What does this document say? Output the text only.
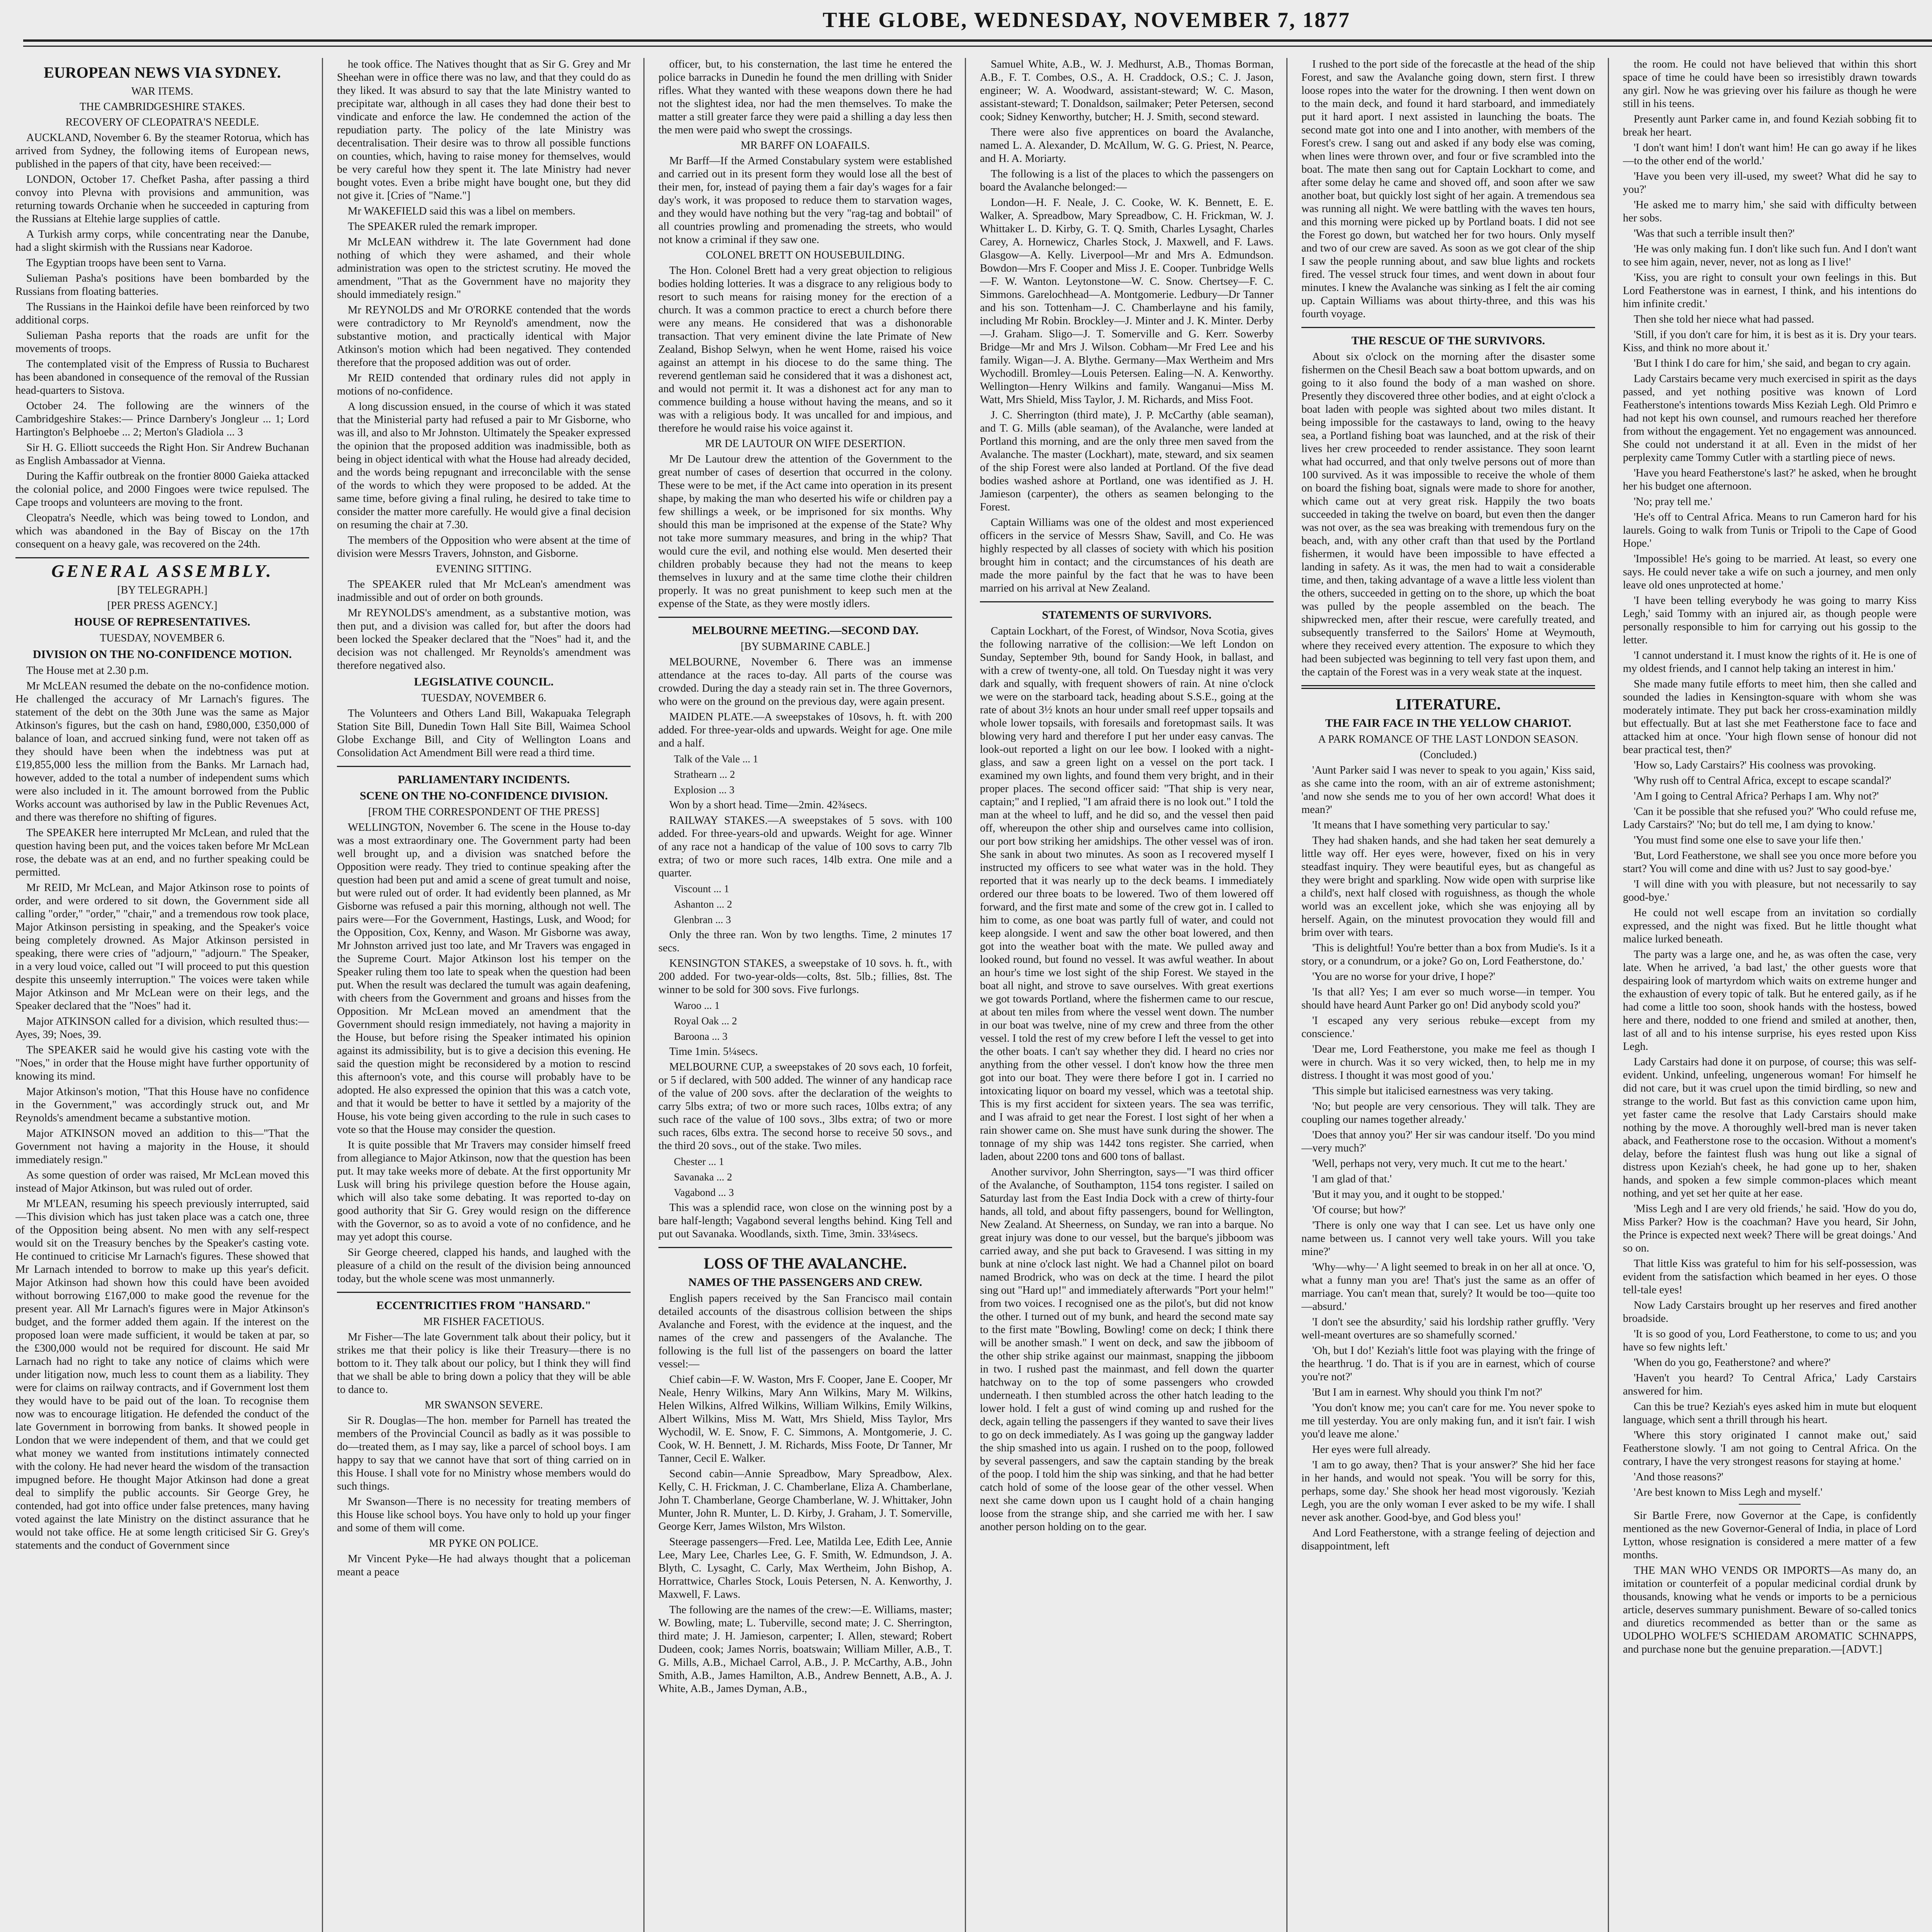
THE GLOBE, WEDNESDAY, NOVEMBER 7, 1877
EUROPEAN NEWS VIA SYDNEY.
WAR ITEMS.
THE CAMBRIDGESHIRE STAKES.
RECOVERY OF CLEOPATRA'S NEEDLE.

AUCKLAND, November 6. By the steamer Rotorua, which has arrived from Sydney, the following items of European news, published in the papers of that city, have been received:—

LONDON, October 17. Chefket Pasha, after passing a third convoy into Plevna with provisions and ammunition, was returning towards Orchanie when he succeeded in capturing from the Russians at Eltehie large supplies of cattle.

A Turkish army corps, while concentrating near the Danube, had a slight skirmish with the Russians near Kadoroe.

The Egyptian troops have been sent to Varna.

Sulieman Pasha's positions have been bombarded by the Russians from floating batteries.

The Russians in the Hainkoi defile have been reinforced by two additional corps.

Sulieman Pasha reports that the roads are unfit for the movements of troops.

The contemplated visit of the Empress of Russia to Bucharest has been abandoned in consequence of the removal of the Russian head-quarters to Sistova.

October 24. The following are the winners of the Cambridgeshire Stakes:— Prince Darnbery's Jongleur ... 1; Lord Hartington's Belphoebe ... 2; Merton's Gladiola ... 3

Sir H. G. Elliott succeeds the Right Hon. Sir Andrew Buchanan as English Ambassador at Vienna.

During the Kaffir outbreak on the frontier 8000 Gaieka attacked the colonial police, and 2000 Fingoes were twice repulsed. The Cape troops and volunteers are moving to the front.

Cleopatra's Needle, which was being towed to London, and which was abandoned in the Bay of Biscay on the 17th consequent on a heavy gale, was recovered on the 24th.

GENERAL ASSEMBLY.
[BY TELEGRAPH.]
[PER PRESS AGENCY.]
HOUSE OF REPRESENTATIVES.
TUESDAY, NOVEMBER 6.
DIVISION ON THE NO-CONFIDENCE MOTION.

The House met at 2.30 p.m.

Mr McLEAN resumed the debate on the no-confidence motion. He challenged the accuracy of Mr Larnach's figures. The statement of the debt on the 30th June was the same as Major Atkinson's figures, but the cash on hand, £980,000, £350,000 of balance of loan, and accrued sinking fund, were not taken off as they should have been when the indebtness was put at £19,855,000 less the million from the Banks. Mr Larnach had, however, added to the total a number of independent sums which were also included in it. The amount borrowed from the Public Works account was authorised by law in the Public Revenues Act, and there was therefore no shifting of figures.

The SPEAKER here interrupted Mr McLean, and ruled that the question having been put, and the voices taken before Mr McLean rose, the debate was at an end, and no further speaking could be permitted.

Mr REID, Mr McLean, and Major Atkinson rose to points of order, and were ordered to sit down, the Government side all calling "order," "order," "chair," and a tremendous row took place, Major Atkinson persisting in speaking, and the Speaker's voice being completely drowned. As Major Atkinson persisted in speaking, there were cries of "adjourn," "adjourn." The Speaker, in a very loud voice, called out "I will proceed to put this question despite this unseemly interruption." The voices were taken while Major Atkinson and Mr McLean were on their legs, and the Speaker declared that the "Noes" had it.

Major ATKINSON called for a division, which resulted thus:—Ayes, 39; Noes, 39.

The SPEAKER said he would give his casting vote with the "Noes," in order that the House might have further opportunity of knowing its mind.

Major Atkinson's motion, "That this House have no confidence in the Government," was accordingly struck out, and Mr Reynolds's amendment became a substantive motion.

Major ATKINSON moved an addition to this—"That the Government not having a majority in the House, it should immediately resign."

As some question of order was raised, Mr McLean moved this instead of Major Atkinson, but was ruled out of order.

Mr M'LEAN, resuming his speech previously interrupted, said—This division which has just taken place was a catch one, three of the Opposition being absent. No men with any self-respect would sit on the Treasury benches by the Speaker's casting vote. He continued to criticise Mr Larnach's figures. These showed that Mr Larnach intended to borrow to make up this year's deficit. Major Atkinson had shown how this could have been avoided without borrowing £167,000 to make good the revenue for the present year. All Mr Larnach's figures were in Major Atkinson's budget, and the former added them again. If the interest on the proposed loan were made sufficient, it would be taken at par, so the £300,000 would not be required for discount. He said Mr Larnach had no right to take any notice of claims which were under litigation now, much less to count them as a liability. They were for claims on railway contracts, and if Government lost them they would have to be paid out of the loan. To recognise them now was to encourage litigation. He defended the conduct of the late Government in borrowing from banks. It showed people in London that we were independent of them, and that we could get what money we wanted from institutions intimately connected with the colony. He had never heard the wisdom of the transaction impugned before. He thought Major Atkinson had done a great deal to simplify the public accounts. Sir George Grey, he contended, had got into office under false pretences, many having voted against the late Ministry on the distinct assurance that he would not take office. He at some length criticised Sir G. Grey's statements and the conduct of Government since

he took office. The Natives thought that as Sir G. Grey and Mr Sheehan were in office there was no law, and that they could do as they liked. It was absurd to say that the late Ministry wanted to precipitate war, although in all cases they had done their best to vindicate and enforce the law. He condemned the action of the repudiation party. The policy of the late Ministry was decentralisation. Their desire was to throw all possible functions on counties, which, having to raise money for themselves, would be very careful how they spent it. The late Ministry had never bought votes. Even a bribe might have bought one, but they did not give it. [Cries of "Name."]

Mr WAKEFIELD said this was a libel on members.

The SPEAKER ruled the remark improper.

Mr McLEAN withdrew it. The late Government had done nothing of which they were ashamed, and their whole administration was open to the strictest scrutiny. He moved the amendment, "That as the Government have no majority they should immediately resign."

Mr REYNOLDS and Mr O'RORKE contended that the words were contradictory to Mr Reynold's amendment, now the substantive motion, and practically identical with Major Atkinson's motion which had been negatived. They contended therefore that the proposed addition was out of order.

Mr REID contended that ordinary rules did not apply in motions of no-confidence.

A long discussion ensued, in the course of which it was stated that the Ministerial party had refused a pair to Mr Gisborne, who was ill, and also to Mr Johnston. Ultimately the Speaker expressed the opinion that the proposed addition was inadmissible, both as being in object identical with what the House had already decided, and the words being repugnant and irreconcilable with the sense of the words to which they were proposed to be added. At the same time, before giving a final ruling, he desired to take time to consider the matter more carefully. He would give a final decision on resuming the chair at 7.30.

The members of the Opposition who were absent at the time of division were Messrs Travers, Johnston, and Gisborne.

EVENING SITTING.

The SPEAKER ruled that Mr McLean's amendment was inadmissible and out of order on both grounds.

Mr REYNOLDS's amendment, as a substantive motion, was then put, and a division was called for, but after the doors had been locked the Speaker declared that the "Noes" had it, and the decision was not challenged. Mr Reynolds's amendment was therefore negatived also.

LEGISLATIVE COUNCIL.
TUESDAY, NOVEMBER 6.

The Volunteers and Others Land Bill, Wakapuaka Telegraph Station Site Bill, Dunedin Town Hall Site Bill, Waimea School Globe Exchange Bill, and City of Wellington Loans and Consolidation Act Amendment Bill were read a third time.

PARLIAMENTARY INCIDENTS.
SCENE ON THE NO-CONFIDENCE DIVISION.
[FROM THE CORRESPONDENT OF THE PRESS]

WELLINGTON, November 6. The scene in the House to-day was a most extraordinary one. The Government party had been well brought up, and a division was snatched before the Opposition were ready. They tried to continue speaking after the question had been put and amid a scene of great tumult and noise, but were ruled out of order. It had evidently been planned, as Mr Gisborne was refused a pair this morning, although not well. The pairs were—For the Government, Hastings, Lusk, and Wood; for the Opposition, Cox, Kenny, and Wason. Mr Gisborne was away, Mr Johnston arrived just too late, and Mr Travers was engaged in the Supreme Court. Major Atkinson lost his temper on the Speaker ruling them too late to speak when the question had been put. When the result was declared the tumult was again deafening, with cheers from the Government and groans and hisses from the Opposition. Mr McLean moved an amendment that the Government should resign immediately, not having a majority in the House, but before rising the Speaker intimated his opinion against its admissibility, but is to give a decision this evening. He said the question might be reconsidered by a motion to rescind this afternoon's vote, and this course will probably have to be adopted. He also expressed the opinion that this was a catch vote, and that it would be better to have it settled by a majority of the House, his vote being given according to the rule in such cases to vote so that the House may consider the question.

It is quite possible that Mr Travers may consider himself freed from allegiance to Major Atkinson, now that the question has been put. It may take weeks more of debate. At the first opportunity Mr Lusk will bring his privilege question before the House again, which will also take some debating. It was reported to-day on good authority that Sir G. Grey would resign on the difference with the Governor, so as to avoid a vote of no confidence, and he may yet adopt this course.

Sir George cheered, clapped his hands, and laughed with the pleasure of a child on the result of the division being announced today, but the whole scene was most unmannerly.

ECCENTRICITIES FROM "HANSARD."
MR FISHER FACETIOUS.

Mr Fisher—The late Government talk about their policy, but it strikes me that their policy is like their Treasury—there is no bottom to it. They talk about our policy, but I think they will find that we shall be able to bring down a policy that they will be able to dance to.

MR SWANSON SEVERE.

Sir R. Douglas—The hon. member for Parnell has treated the members of the Provincial Council as badly as it was possible to do—treated them, as I may say, like a parcel of school boys. I am happy to say that we cannot have that sort of thing carried on in this House. I shall vote for no Ministry whose members would do such things.

Mr Swanson—There is no necessity for treating members of this House like school boys. You have only to hold up your finger and some of them will come.

MR PYKE ON POLICE.

Mr Vincent Pyke—He had always thought that a policeman meant a peace

officer, but, to his consternation, the last time he entered the police barracks in Dunedin he found the men drilling with Snider rifles. What they wanted with these weapons down there he had not the slightest idea, nor had the men themselves. To make the matter a still greater farce they were paid a shilling a day less then the men were paid who swept the crossings.

MR BARFF ON LOAFAILS.

Mr Barff—If the Armed Constabulary system were established and carried out in its present form they would lose all the best of their men, for, instead of paying them a fair day's wages for a fair day's work, it was proposed to reduce them to starvation wages, and they would have nothing but the very "rag-tag and bobtail" of all countries prowling and promenading the streets, who would not know a criminal if they saw one.

COLONEL BRETT ON HOUSEBUILDING.

The Hon. Colonel Brett had a very great objection to religious bodies holding lotteries. It was a disgrace to any religious body to resort to such means for raising money for the erection of a church. It was a common practice to erect a church before there were any means. He considered that was a dishonorable transaction. That very eminent divine the late Primate of New Zealand, Bishop Selwyn, when he went Home, raised his voice against an attempt in his diocese to do the same thing. The reverend gentleman said he considered that it was a dishonest act, and would not permit it. It was a dishonest act for any man to commence building a house without having the means, and so it was with a religious body. It was uncalled for and impious, and therefore he would raise his voice against it.

MR DE LAUTOUR ON WIFE DESERTION.

Mr De Lautour drew the attention of the Government to the great number of cases of desertion that occurred in the colony. These were to be met, if the Act came into operation in its present shape, by making the man who deserted his wife or children pay a few shillings a week, or be imprisoned for six months. Why should this man be imprisoned at the expense of the State? Why not take more summary measures, and bring in the whip? That would cure the evil, and nothing else would. Men deserted their children probably because they had not the means to keep themselves in luxury and at the same time clothe their children properly. It was no great punishment to keep such men at the expense of the State, as they were mostly idlers.

MELBOURNE MEETING.—SECOND DAY.
[BY SUBMARINE CABLE.]

MELBOURNE, November 6. There was an immense attendance at the races to-day. All parts of the course was crowded. During the day a steady rain set in. The three Governors, who were on the ground on the previous day, were again present.

MAIDEN PLATE.—A sweepstakes of 10sovs, h. ft. with 200 added. For three-year-olds and upwards. Weight for age. One mile and a half.

Talk of the Vale ... 1

Strathearn ... 2

Explosion ... 3

Won by a short head. Time—2min. 42¾secs.

RAILWAY STAKES.—A sweepstakes of 5 sovs. with 100 added. For three-years-old and upwards. Weight for age. Winner of any race not a handicap of the value of 100 sovs to carry 7lb extra; of two or more such races, 14lb extra. One mile and a quarter.

Viscount ... 1

Ashanton ... 2

Glenbran ... 3

Only the three ran. Won by two lengths. Time, 2 minutes 17 secs.

KENSINGTON STAKES, a sweepstake of 10 sovs. h. ft., with 200 added. For two-year-olds—colts, 8st. 5lb.; fillies, 8st. The winner to be sold for 300 sovs. Five furlongs.

Waroo ... 1

Royal Oak ... 2

Baroona ... 3

Time 1min. 5¼secs.

MELBOURNE CUP, a sweepstakes of 20 sovs each, 10 forfeit, or 5 if declared, with 500 added. The winner of any handicap race of the value of 200 sovs. after the declaration of the weights to carry 5lbs extra; of two or more such races, 10lbs extra; of any such race of the value of 100 sovs., 3lbs extra; of two or more such races, 6lbs extra. The second horse to receive 50 sovs., and the third 20 sovs., out of the stake. Two miles.

Chester ... 1

Savanaka ... 2

Vagabond ... 3

This was a splendid race, won close on the winning post by a bare half-length; Vagabond several lengths behind. King Tell and put out Savanaka. Woodlands, sixth. Time, 3min. 33¼secs.

LOSS OF THE AVALANCHE.
NAMES OF THE PASSENGERS AND CREW.

English papers received by the San Francisco mail contain detailed accounts of the disastrous collision between the ships Avalanche and Forest, with the evidence at the inquest, and the names of the crew and passengers of the Avalanche. The following is the full list of the passengers on board the latter vessel:—

Chief cabin—F. W. Waston, Mrs F. Cooper, Jane E. Cooper, Mr Neale, Henry Wilkins, Mary Ann Wilkins, Mary M. Wilkins, Helen Wilkins, Alfred Wilkins, William Wilkins, Emily Wilkins, Albert Wilkins, Miss M. Watt, Mrs Shield, Miss Taylor, Mrs Wychodil, W. E. Snow, F. C. Simmons, A. Montgomerie, J. C. Cook, W. H. Bennett, J. M. Richards, Miss Foote, Dr Tanner, Mr Tanner, Cecil E. Walker.

Second cabin—Annie Spreadbow, Mary Spreadbow, Alex. Kelly, C. H. Frickman, J. C. Chamberlane, Eliza A. Chamberlane, John T. Chamberlane, George Chamberlane, W. J. Whittaker, John Munter, John R. Munter, L. D. Kirby, J. Graham, J. T. Somerville, George Kerr, James Wilston, Mrs Wilston.

Steerage passengers—Fred. Lee, Matilda Lee, Edith Lee, Annie Lee, Mary Lee, Charles Lee, G. F. Smith, W. Edmundson, J. A. Blyth, C. Lysaght, C. Carly, Max Wertheim, John Bishop, A. Horrattwice, Charles Stock, Louis Petersen, N. A. Kenworthy, J. Maxwell, F. Laws.

The following are the names of the crew:—E. Williams, master; W. Bowling, mate; L. Tuberville, second mate; J. C. Sherrington, third mate; J. H. Jamieson, carpenter; I. Allen, steward; Robert Dudeen, cook; James Norris, boatswain; William Miller, A.B., T. G. Mills, A.B., Michael Carrol, A.B., J. P. McCarthy, A.B., John Smith, A.B., James Hamilton, A.B., Andrew Bennett, A.B., A. J. White, A.B., James Dyman, A.B.,

Samuel White, A.B., W. J. Medhurst, A.B., Thomas Borman, A.B., F. T. Combes, O.S., A. H. Craddock, O.S.; C. J. Jason, engineer; W. A. Woodward, assistant-steward; W. C. Mason, assistant-steward; T. Donaldson, sailmaker; Peter Petersen, second cook; Sidney Kenworthy, butcher; H. J. Smith, second steward.

There were also five apprentices on board the Avalanche, named L. A. Alexander, D. McAllum, W. G. G. Priest, N. Pearce, and H. A. Moriarty.

The following is a list of the places to which the passengers on board the Avalanche belonged:—

London—H. F. Neale, J. C. Cooke, W. K. Bennett, E. E. Walker, A. Spreadbow, Mary Spreadbow, C. H. Frickman, W. J. Whittaker L. D. Kirby, G. T. Q. Smith, Charles Lysaght, Charles Carey, A. Hornewicz, Charles Stock, J. Maxwell, and F. Laws. Glasgow—A. Kelly. Liverpool—Mr and Mrs A. Edmundson. Bowdon—Mrs F. Cooper and Miss J. E. Cooper. Tunbridge Wells—F. W. Wanton. Leytonstone—W. C. Snow. Chertsey—F. C. Simmons. Garelochhead—A. Montgomerie. Ledbury—Dr Tanner and his son. Tottenham—J. C. Chamberlayne and his family, including Mr Robin. Brockley—J. Minter and J. K. Minter. Derby—J. Graham. Sligo—J. T. Somerville and G. Kerr. Sowerby Bridge—Mr and Mrs J. Wilson. Cobham—Mr Fred Lee and his family. Wigan—J. A. Blythe. Germany—Max Wertheim and Mrs Wychodill. Bromley—Louis Petersen. Ealing—N. A. Kenworthy. Wellington—Henry Wilkins and family. Wanganui—Miss M. Watt, Mrs Shield, Miss Taylor, J. M. Richards, and Miss Foot.

J. C. Sherrington (third mate), J. P. McCarthy (able seaman), and T. G. Mills (able seaman), of the Avalanche, were landed at Portland this morning, and are the only three men saved from the Avalanche. The master (Lockhart), mate, steward, and six seamen of the ship Forest were also landed at Portland. Of the five dead bodies washed ashore at Portland, one was identified as J. H. Jamieson (carpenter), the others as seamen belonging to the Forest.

Captain Williams was one of the oldest and most experienced officers in the service of Messrs Shaw, Savill, and Co. He was highly respected by all classes of society with which his position brought him in contact; and the circumstances of his death are made the more painful by the fact that he was to have been married on his arrival at New Zealand.

STATEMENTS OF SURVIVORS.

Captain Lockhart, of the Forest, of Windsor, Nova Scotia, gives the following narrative of the collision:—We left London on Sunday, September 9th, bound for Sandy Hook, in ballast, and with a crew of twenty-one, all told. On Tuesday night it was very dark and squally, with frequent showers of rain. At nine o'clock we were on the starboard tack, heading about S.S.E., going at the rate of about 3½ knots an hour under small reef upper topsails and whole lower topsails, with foresails and foretopmast sails. It was blowing very hard and therefore I put her under easy canvas. The look-out reported a light on our lee bow. I looked with a night-glass, and saw a green light on a vessel on the port tack. I examined my own lights, and found them very bright, and in their proper places. The second officer said: "That ship is very near, captain;" and I replied, "I am afraid there is no look out." I told the man at the wheel to luff, and he did so, and the vessel then paid off, whereupon the other ship and ourselves came into collision, our port bow striking her amidships. The other vessel was of iron. She sank in about two minutes. As soon as I recovered myself I instructed my officers to see what water was in the hold. They reported that it was nearly up to the deck beams. I immediately ordered our three boats to be lowered. Two of them lowered off forward, and the first mate and some of the crew got in. I called to him to come, as one boat was partly full of water, and could not keep alongside. I went and saw the other boat lowered, and then got into the weather boat with the mate. We pulled away and looked round, but found no vessel. It was awful weather. In about an hour's time we lost sight of the ship Forest. We stayed in the boat all night, and strove to save ourselves. With great exertions we got towards Portland, where the fishermen came to our rescue, at about ten miles from where the vessel went down. The number in our boat was twelve, nine of my crew and three from the other vessel. I told the rest of my crew before I left the vessel to get into the other boats. I can't say whether they did. I heard no cries nor anything from the other vessel. I don't know how the three men got into our boat. They were there before I got in. I carried no intoxicating liquor on board my vessel, which was a teetotal ship. This is my first accident for sixteen years. The sea was terrific, and I was afraid to get near the Forest. I lost sight of her when a rain shower came on. She must have sunk during the shower. The tonnage of my ship was 1442 tons register. She carried, when laden, about 2200 tons and 600 tons of ballast.

Another survivor, John Sherrington, says—"I was third officer of the Avalanche, of Southampton, 1154 tons register. I sailed on Saturday last from the East India Dock with a crew of thirty-four hands, all told, and about fifty passengers, bound for Wellington, New Zealand. At Sheerness, on Sunday, we ran into a barque. No great injury was done to our vessel, but the barque's jibboom was carried away, and she put back to Gravesend. I was sitting in my bunk at nine o'clock last night. We had a Channel pilot on board named Brodrick, who was on deck at the time. I heard the pilot sing out "Hard up!" and immediately afterwards "Port your helm!" from two voices. I recognised one as the pilot's, but did not know the other. I turned out of my bunk, and heard the second mate say to the first mate "Bowling, Bowling! come on deck; I think there will be another smash." I went on deck, and saw the jibboom of the other ship strike against our mainmast, snapping the jibboom in two. I rushed past the mainmast, and fell down the quarter hatchway on to the top of some passengers who crowded underneath. I then stumbled across the other hatch leading to the lower hold. I felt a gust of wind coming up and rushed for the deck, again telling the passengers if they wanted to save their lives to go on deck immediately. As I was going up the gangway ladder the ship smashed into us again. I rushed on to the poop, followed by several passengers, and saw the captain standing by the break of the poop. I told him the ship was sinking, and that he had better catch hold of some of the loose gear of the other vessel. When next she came down upon us I caught hold of a chain hanging loose from the strange ship, and she carried me with her. I saw another person holding on to the gear.

I rushed to the port side of the forecastle at the head of the ship Forest, and saw the Avalanche going down, stern first. I threw loose ropes into the water for the drowning. I then went down on to the main deck, and found it hard starboard, and immediately put it hard aport. I next assisted in launching the boats. The second mate got into one and I into another, with members of the Forest's crew. I sang out and asked if any body else was coming, when lines were thrown over, and four or five scrambled into the boat. The mate then sang out for Captain Lockhart to come, and after some delay he came and shoved off, and soon after we saw another boat, but quickly lost sight of her again. A tremendous sea was running all night. We were battling with the waves ten hours, and this morning were picked up by Portland boats. I did not see the Forest go down, but watched her for two hours. Only myself and two of our crew are saved. As soon as we got clear of the ship I saw the people running about, and saw blue lights and rockets fired. The vessel struck four times, and went down in about four minutes. I knew the Avalanche was sinking as I felt the air coming up. Captain Williams was about thirty-three, and this was his fourth voyage.

THE RESCUE OF THE SURVIVORS.

About six o'clock on the morning after the disaster some fishermen on the Chesil Beach saw a boat bottom upwards, and on going to it also found the body of a man washed on shore. Presently they discovered three other bodies, and at eight o'clock a boat laden with people was sighted about two miles distant. It being impossible for the castaways to land, owing to the heavy sea, a Portland fishing boat was launched, and at the risk of their lives her crew proceeded to render assistance. They soon learnt what had occurred, and that only twelve persons out of more than 100 survived. As it was impossible to receive the whole of them on board the fishing boat, signals were made to shore for another, which came out at very great risk. Happily the two boats succeeded in taking the twelve on board, but even then the danger was not over, as the sea was breaking with tremendous fury on the beach, and, with any other craft than that used by the Portland fishermen, it would have been impossible to have effected a landing in safety. As it was, the men had to wait a considerable time, and then, taking advantage of a wave a little less violent than the others, succeeded in getting on to the shore, up which the boat was pulled by the people assembled on the beach. The shipwrecked men, after their rescue, were carefully treated, and subsequently transferred to the Sailors' Home at Weymouth, where they received every attention. The exposure to which they had been subjected was beginning to tell very fast upon them, and the captain of the Forest was in a very weak state at the inquest.

LITERATURE.
THE FAIR FACE IN THE YELLOW CHARIOT.
A PARK ROMANCE OF THE LAST LONDON SEASON.
(Concluded.)

'Aunt Parker said I was never to speak to you again,' Kiss said, as she came into the room, with an air of extreme astonishment; 'and now she sends me to you of her own accord! What does it mean?'

'It means that I have something very particular to say.'

They had shaken hands, and she had taken her seat demurely a little way off. Her eyes were, however, fixed on his in very steadfast inquiry. They were beautiful eyes, but as changeful as they were bright and sparkling. Now wide open with surprise like a child's, next half closed with roguishness, as though the whole world was an excellent joke, which she was enjoying all by herself. Again, on the minutest provocation they would fill and brim over with tears.

'This is delightful! You're better than a box from Mudie's. Is it a story, or a conundrum, or a joke? Go on, Lord Featherstone, do.'

'You are no worse for your drive, I hope?'

'Is that all? Yes; I am ever so much worse—in temper. You should have heard Aunt Parker go on! Did anybody scold you?'

'I escaped any very serious rebuke—except from my conscience.'

'Dear me, Lord Featherstone, you make me feel as though I were in church. Was it so very wicked, then, to help me in my distress. I thought it was most good of you.'

'This simple but italicised earnestness was very taking.

'No; but people are very censorious. They will talk. They are coupling our names together already.'

'Does that annoy you?' Her sir was candour itself. 'Do you mind—very much?'

'Well, perhaps not very, very much. It cut me to the heart.'

'I am glad of that.'

'But it may you, and it ought to be stopped.'

'Of course; but how?'

'There is only one way that I can see. Let us have only one name between us. I cannot very well take yours. Will you take mine?'

'Why—why—' A light seemed to break in on her all at once. 'O, what a funny man you are! That's just the same as an offer of marriage. You can't mean that, surely? It would be too—quite too—absurd.'

'I don't see the absurdity,' said his lordship rather gruffly. 'Very well-meant overtures are so shamefully scorned.'

'Oh, but I do!' Keziah's little foot was playing with the fringe of the hearthrug. 'I do. That is if you are in earnest, which of course you're not?'

'But I am in earnest. Why should you think I'm not?'

'You don't know me; you can't care for me. You never spoke to me till yesterday. You are only making fun, and it isn't fair. I wish you'd leave me alone.'

Her eyes were full already.

'I am to go away, then? That is your answer?' She hid her face in her hands, and would not speak. 'You will be sorry for this, perhaps, some day.' She shook her head most vigorously. 'Keziah Legh, you are the only woman I ever asked to be my wife. I shall never ask another. Good-bye, and God bless you!'

And Lord Featherstone, with a strange feeling of dejection and disappointment, left

the room. He could not have believed that within this short space of time he could have been so irresistibly drawn towards any girl. Now he was grieving over his failure as though he were still in his teens.

Presently aunt Parker came in, and found Keziah sobbing fit to break her heart.

'I don't want him! I don't want him! He can go away if he likes—to the other end of the world.'

'Have you been very ill-used, my sweet? What did he say to you?'

'He asked me to marry him,' she said with difficulty between her sobs.

'Was that such a terrible insult then?'

'He was only making fun. I don't like such fun. And I don't want to see him again, never, never, not as long as I live!'

'Kiss, you are right to consult your own feelings in this. But Lord Featherstone was in earnest, I think, and his intentions do him infinite credit.'

Then she told her niece what had passed.

'Still, if you don't care for him, it is best as it is. Dry your tears. Kiss, and think no more about it.'

'But I think I do care for him,' she said, and began to cry again.

Lady Carstairs became very much exercised in spirit as the days passed, and yet nothing positive was known of Lord Featherstone's intentions towards Miss Keziah Legh. Old Primro e had not kept his own counsel, and rumours reached her therefore from without the engagement. Yet no engagement was announced. She could not understand it at all. Even in the midst of her perplexity came Tommy Cutler with a startling piece of news.

'Have you heard Featherstone's last?' he asked, when he brought her his budget one afternoon.

'No; pray tell me.'

'He's off to Central Africa. Means to run Cameron hard for his laurels. Going to walk from Tunis or Tripoli to the Cape of Good Hope.'

'Impossible! He's going to be married. At least, so every one says. He could never take a wife on such a journey, and men only leave old ones unprotected at home.'

'I have been telling everybody he was going to marry Kiss Legh,' said Tommy with an injured air, as though people were personally responsible to him for carrying out his gossip to the letter.

'I cannot understand it. I must know the rights of it. He is one of my oldest friends, and I cannot help taking an interest in him.'

She made many futile efforts to meet him, then she called and sounded the ladies in Kensington-square with whom she was moderately intimate. They put back her cross-examination mildly but effectually. But at last she met Featherstone face to face and attacked him at once. 'Your high flown sense of honour did not bear practical test, then?'

'How so, Lady Carstairs?' His coolness was provoking.

'Why rush off to Central Africa, except to escape scandal?'

'Am I going to Central Africa? Perhaps I am. Why not?'

'Can it be possible that she refused you?' 'Who could refuse me, Lady Carstairs?' 'No; but do tell me, I am dying to know.'

'You must find some one else to save your life then.'

'But, Lord Featherstone, we shall see you once more before you start? You will come and dine with us? Just to say good-bye.'

'I will dine with you with pleasure, but not necessarily to say good-bye.'

He could not well escape from an invitation so cordially expressed, and the night was fixed. But he little thought what malice lurked beneath.

The party was a large one, and he, as was often the case, very late. When he arrived, 'a bad last,' the other guests wore that despairing look of martyrdom which waits on extreme hunger and the exhaustion of every topic of talk. But he entered gaily, as if he had come a little too soon, shook hands with the hostess, bowed here and there, nodded to one friend and smiled at another, then, last of all and to his intense surprise, his eyes rested upon Kiss Legh.

Lady Carstairs had done it on purpose, of course; this was self-evident. Unkind, unfeeling, ungenerous woman! For himself he did not care, but it was cruel upon the timid birdling, so new and strange to the world. But fast as this conviction came upon him, yet faster came the resolve that Lady Carstairs should make nothing by the move. A thoroughly well-bred man is never taken aback, and Featherstone rose to the occasion. Without a moment's delay, before the faintest flush was hung out like a signal of distress upon Keziah's cheek, he had gone up to her, shaken hands, and spoken a few simple common-places which meant nothing, and yet set her quite at her ease.

'Miss Legh and I are very old friends,' he said. 'How do you do, Miss Parker? How is the coachman? Have you heard, Sir John, the Prince is expected next week? There will be great doings.' And so on.

That little Kiss was grateful to him for his self-possession, was evident from the satisfaction which beamed in her eyes. O those tell-tale eyes!

Now Lady Carstairs brought up her reserves and fired another broadside.

'It is so good of you, Lord Featherstone, to come to us; and you have so few nights left.'

'When do you go, Featherstone? and where?'

'Haven't you heard? To Central Africa,' Lady Carstairs answered for him.

Can this be true? Keziah's eyes asked him in mute but eloquent language, which sent a thrill through his heart.

'Where this story originated I cannot make out,' said Featherstone slowly. 'I am not going to Central Africa. On the contrary, I have the very strongest reasons for staying at home.'

'And those reasons?'

'Are best known to Miss Legh and myself.'

Sir Bartle Frere, now Governor at the Cape, is confidently mentioned as the new Governor-General of India, in place of Lord Lytton, whose resignation is considered a mere matter of a few months.

THE MAN WHO VENDS OR IMPORTS—As many do, an imitation or counterfeit of a popular medicinal cordial drunk by thousands, knowing what he vends or imports to be a pernicious article, deserves summary punishment. Beware of so-called tonics and diuretics recommended as better than or the same as UDOLPHO WOLFE'S SCHIEDAM AROMATIC SCHNAPPS, and purchase none but the genuine preparation.—[ADVT.]
